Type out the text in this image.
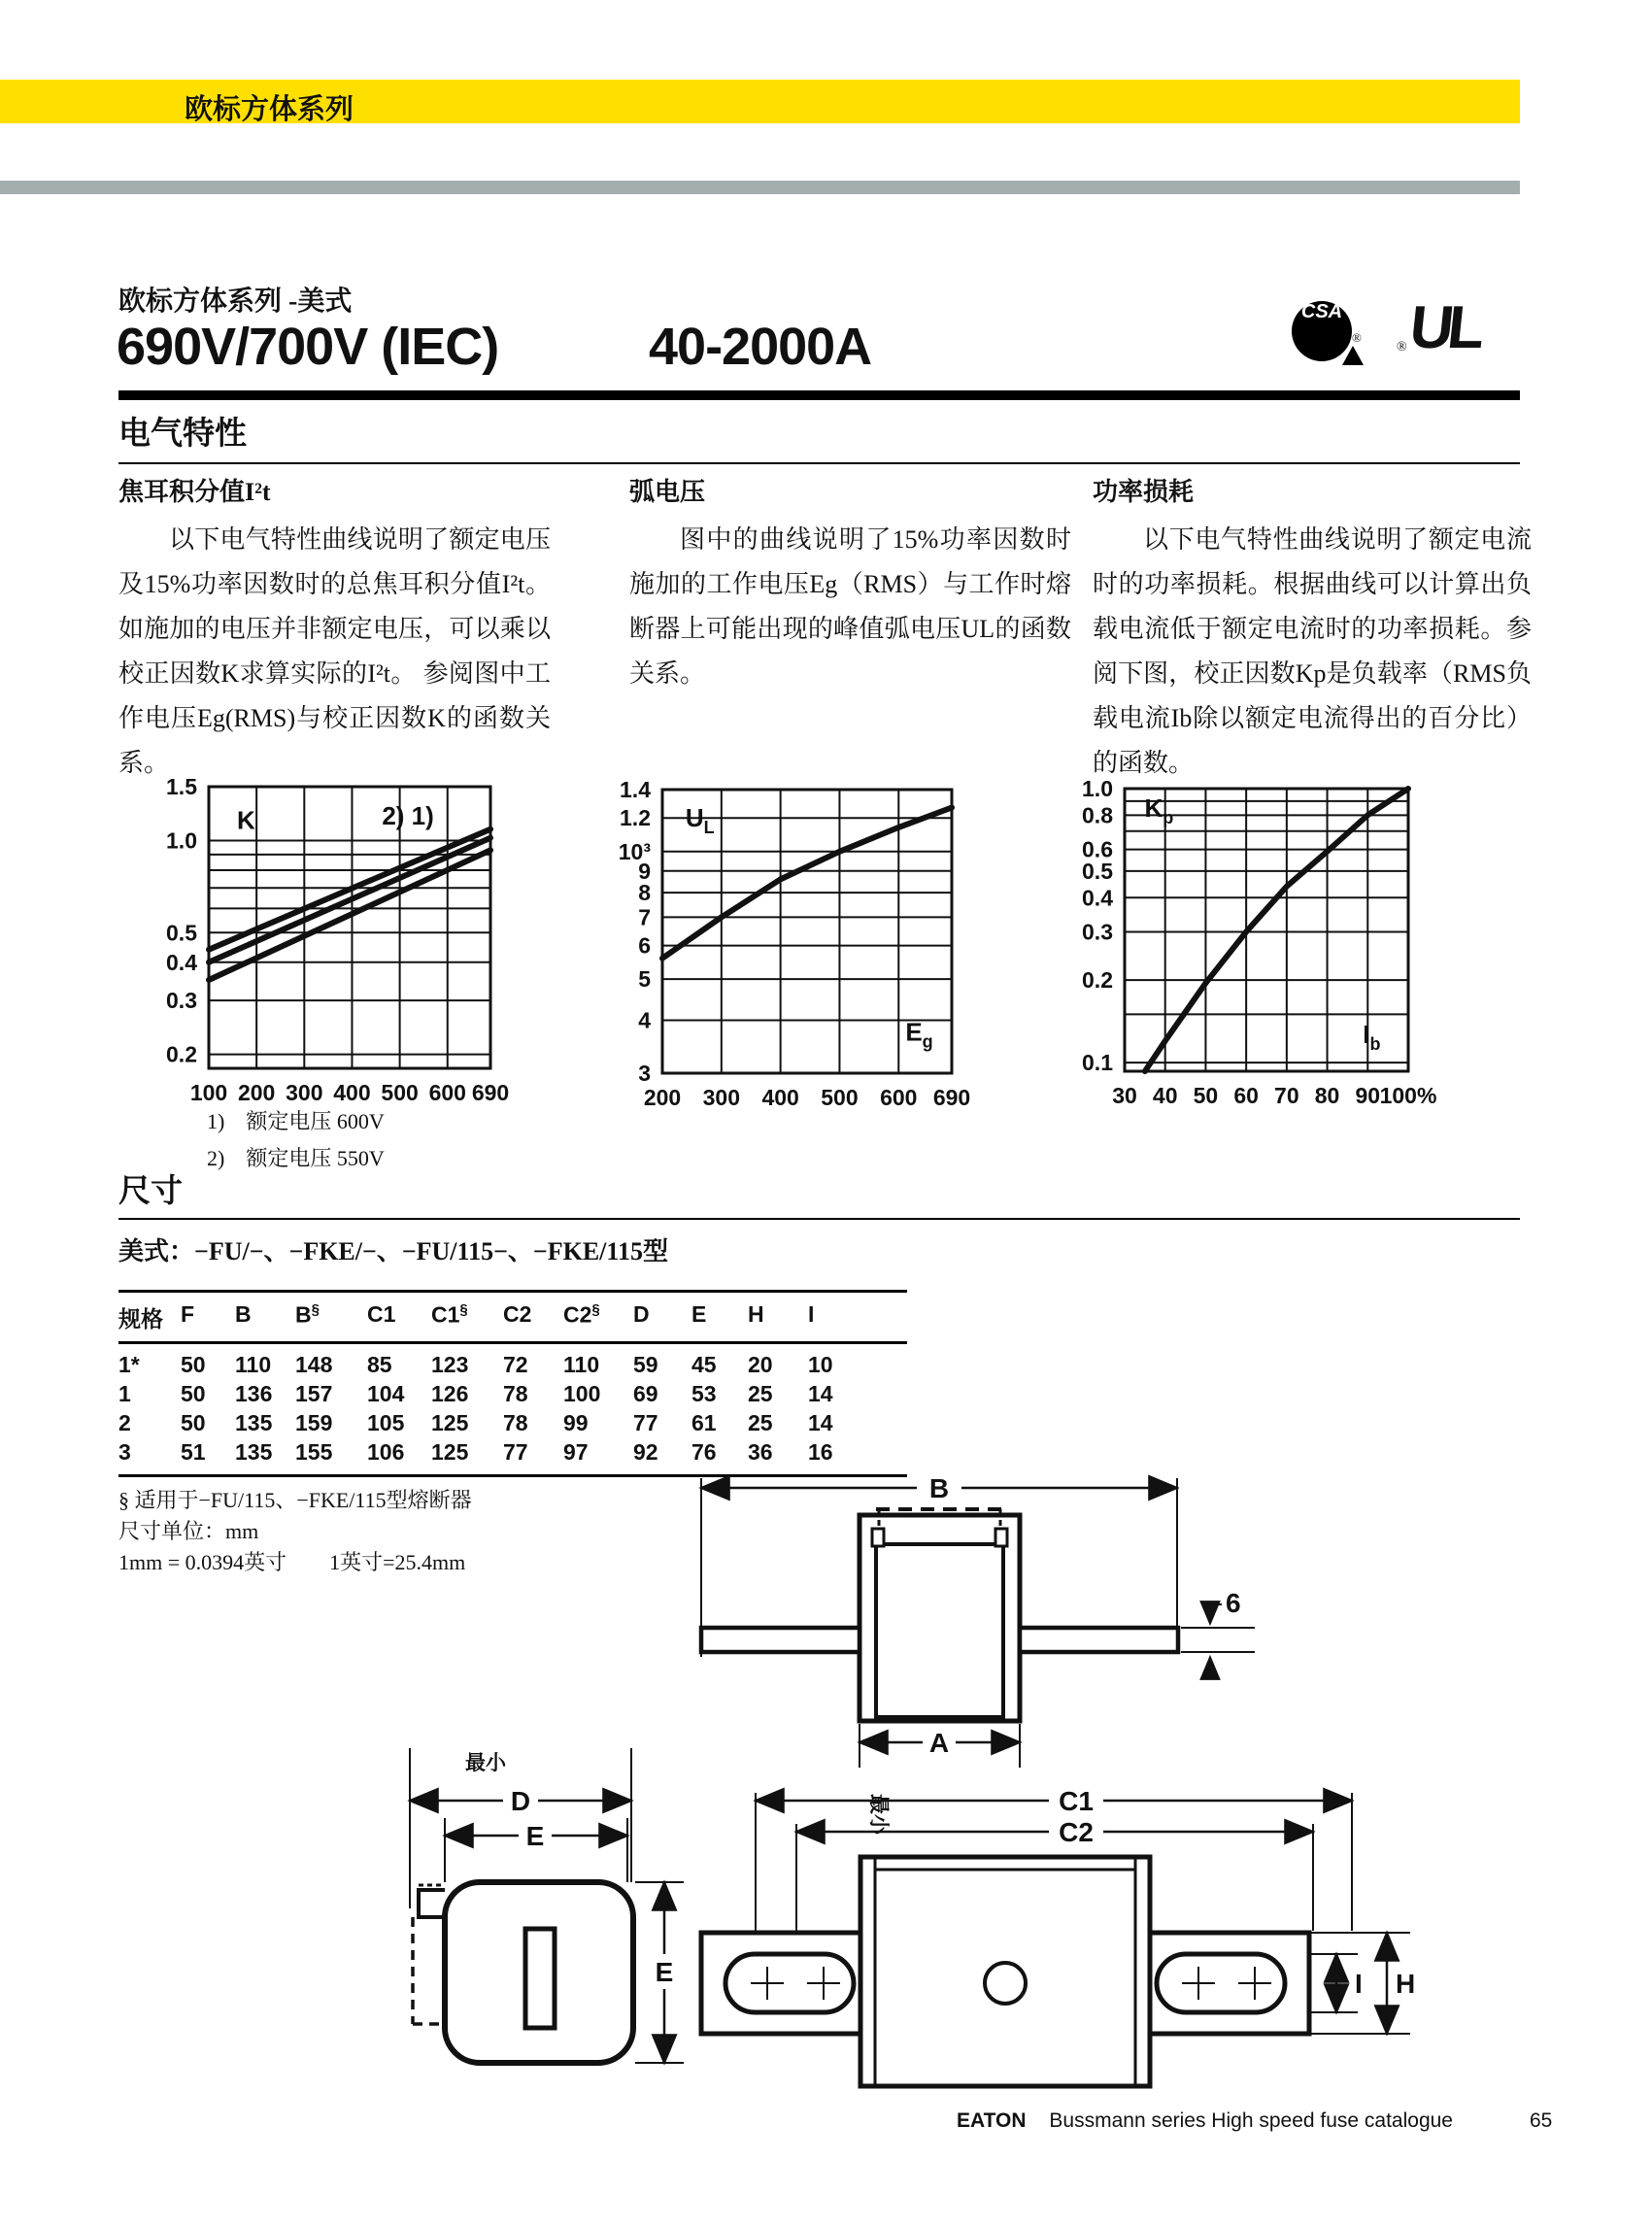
欧标方体系列
欧标方体系列 -美式
690V/700V (IEC)	40-2000A
CSA
®
® UL
电气特性
焦耳积分值I²t

以下电气特性曲线说明了额定电压及15%功率因数时的总焦耳积分值I²t。如施加的电压并非额定电压，可以乘以校正因数K求算实际的I²t。 参阅图中工作电压Eg(RMS)与校正因数K的函数关系。

弧电压

图中的曲线说明了15%功率因数时施加的工作电压Eg（RMS）与工作时熔断器上可能出现的峰值弧电压UL的函数关系。

功率损耗

以下电气特性曲线说明了额定电流时的功率损耗。根据曲线可以计算出负载电流低于额定电流时的功率损耗。参阅下图，校正因数Kp是负载率（RMS负载电流Ib除以额定电流得出的百分比）的函数。

1)　额定电压 600V
2)　额定电压 550V
尺寸
美式：−FU/−、−FKE/−、−FU/115−、−FKE/115型
规格 F	B	B§	C1	C1§	C2	C2§	D	E	H	I
1*	50	110	148	85	123	72	110	59	45	20	10
1	50	136	157	104	126	78	100	69	53	25	14
2	50	135	159	105	125	78	99	77	61	25	14
3	51	135	155	106	125	77	97	92	76	36	16
§ 适用于−FU/115、−FKE/115型熔断器
尺寸单位：mm
1mm = 0.0394英寸　　1英寸=25.4mm
B
6
A
最小
D
E
E
最小	C1
C2
I H
EATON Bussmann series High speed fuse catalogue	65
1.5
1.0
0.5
0.4
0.3
0.2
100 200 300 400 500 600 690
K	2) 1)
1.4
1.2
10³
9
8
7
6
5
4
3
200 300 400 500 600 690
$U_L$
$E_g$
1.0
0.8
0.6
0.5
0.4
0.3
0.2
0.1
30 40 50 60 70 80 90 100%
$K_p$
$I_b$
